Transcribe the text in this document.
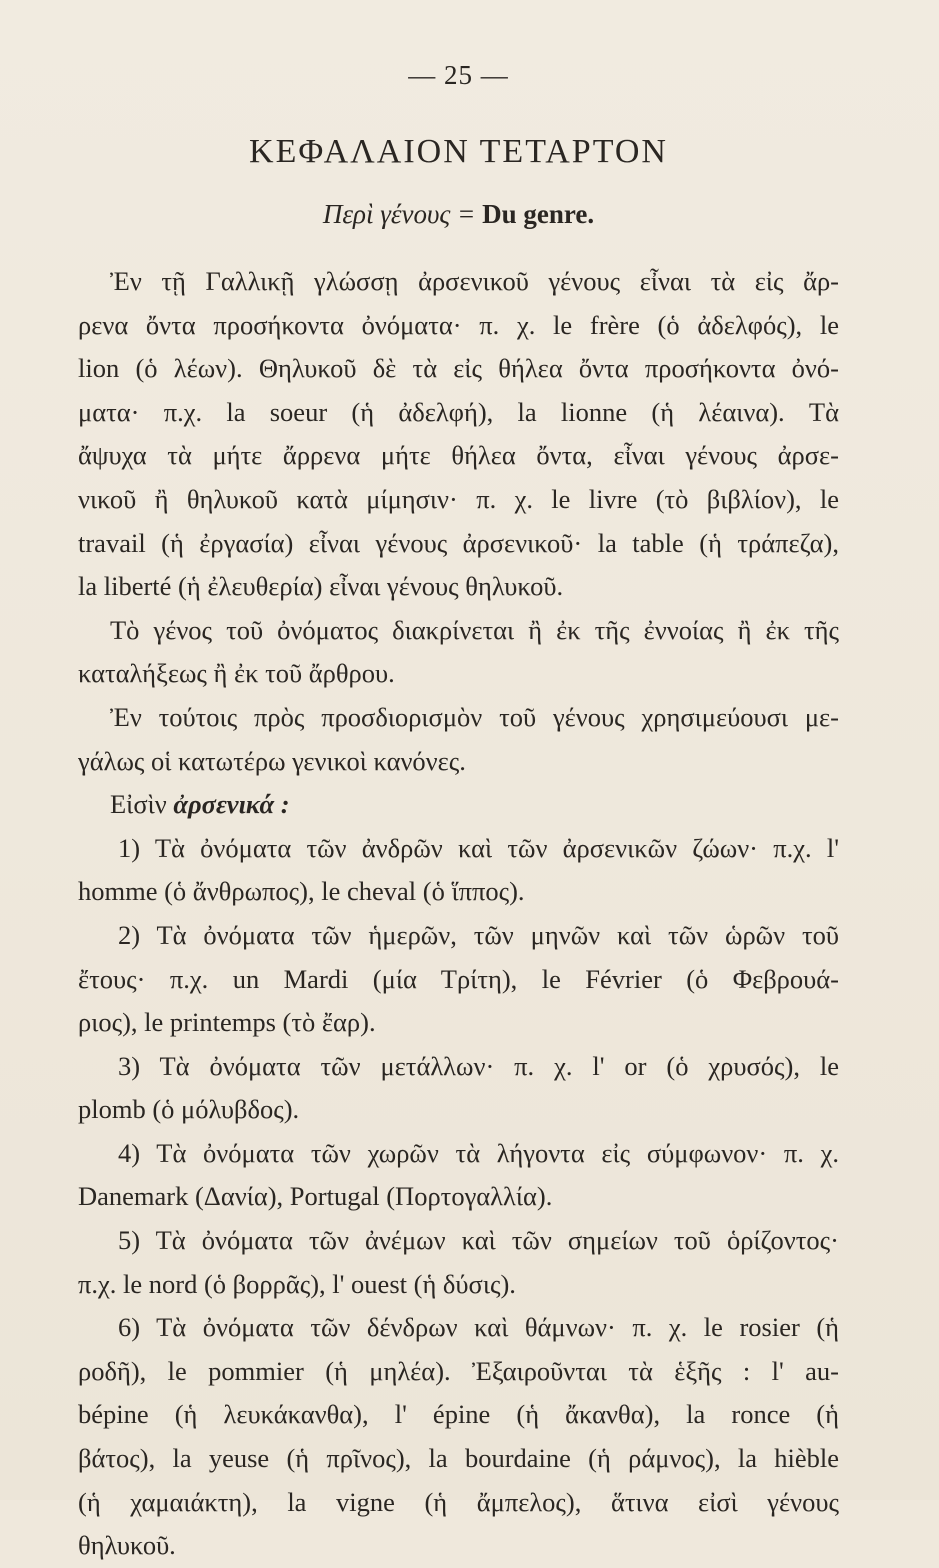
— 25 —
ΚΕΦΑΛΑΙΟΝ ΤΕΤΑΡΤΟΝ
Περὶ γένους = Du genre.
Ἐν τῇ Γαλλικῇ γλώσσῃ ἀρσενικοῦ γένους εἶναι τὰ εἰς ἄρ-
ρενα ὄντα προσήκοντα ὀνόματα· π. χ. le frère (ὁ ἀδελφός), le
lion (ὁ λέων). Θηλυκοῦ δὲ τὰ εἰς θήλεα ὄντα προσήκοντα ὀνό-
ματα· π.χ. la soeur (ἡ ἀδελφή), la lionne (ἡ λέαινα). Τὰ
ἄψυχα τὰ μήτε ἄρρενα μήτε θήλεα ὄντα, εἶναι γένους ἀρσε-
νικοῦ ἢ θηλυκοῦ κατὰ μίμησιν· π. χ. le livre (τὸ βιβλίον), le
travail (ἡ ἐργασία) εἶναι γένους ἀρσενικοῦ· la table (ἡ τράπεζα),
la liberté (ἡ ἐλευθερία) εἶναι γένους θηλυκοῦ.
Τὸ γένος τοῦ ὀνόματος διακρίνεται ἢ ἐκ τῆς ἐννοίας ἢ ἐκ τῆς
καταλήξεως ἢ ἐκ τοῦ ἄρθρου.
Ἐν τούτοις πρὸς προσδιορισμὸν τοῦ γένους χρησιμεύουσι με-
γάλως οἱ κατωτέρω γενικοὶ κανόνες.
Εἰσὶν ἀρσενικά :
1) Τὰ ὀνόματα τῶν ἀνδρῶν καὶ τῶν ἀρσενικῶν ζώων· π.χ. l'
homme (ὁ ἄνθρωπος), le cheval (ὁ ἵππος).
2) Τὰ ὀνόματα τῶν ἡμερῶν, τῶν μηνῶν καὶ τῶν ὡρῶν τοῦ
ἔτους· π.χ. un Mardi (μία Τρίτη), le Février (ὁ Φεβρουά-
ριος), le printemps (τὸ ἔαρ).
3) Τὰ ὀνόματα τῶν μετάλλων· π. χ. l' or (ὁ χρυσός), le
plomb (ὁ μόλυβδος).
4) Τὰ ὀνόματα τῶν χωρῶν τὰ λήγοντα εἰς σύμφωνον· π. χ.
Danemark (Δανία), Portugal (Πορτογαλλία).
5) Τὰ ὀνόματα τῶν ἀνέμων καὶ τῶν σημείων τοῦ ὁρίζοντος·
π.χ. le nord (ὁ βορρᾶς), l' ouest (ἡ δύσις).
6) Τὰ ὀνόματα τῶν δένδρων καὶ θάμνων· π. χ. le rosier (ἡ
ροδῆ), le pommier (ἡ μηλέα). Ἐξαιροῦνται τὰ ἑξῆς : l' au-
bépine (ἡ λευκάκανθα), l' épine (ἡ ἄκανθα), la ronce (ἡ
βάτος), la yeuse (ἡ πρῖνος), la bourdaine (ἡ ράμνος), la hièble
(ἡ χαμαιάκτη), la vigne (ἡ ἄμπελος), ἅτινα εἰσὶ γένους
θηλυκοῦ.
